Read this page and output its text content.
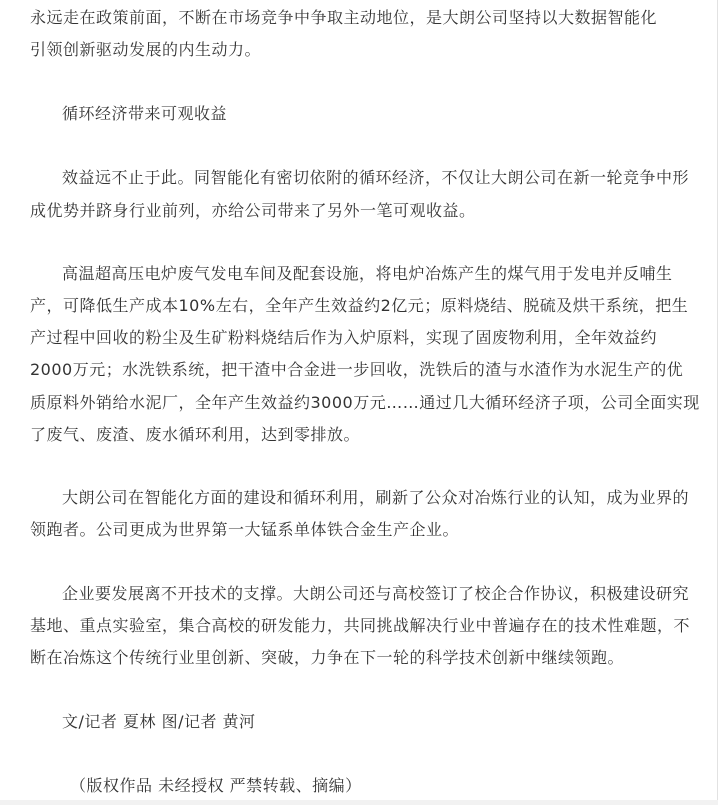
永远走在政策前面，不断在市场竞争中争取主动地位，是大朗公司坚持以大数据智能化
引领创新驱动发展的内生动力。
循环经济带来可观收益
效益远不止于此。同智能化有密切依附的循环经济，不仅让大朗公司在新一轮竞争中形
成优势并跻身行业前列，亦给公司带来了另外一笔可观收益。
高温超高压电炉废气发电车间及配套设施，将电炉冶炼产生的煤气用于发电并反哺生
产，可降低生产成本10%左右，全年产生效益约2亿元；原料烧结、脱硫及烘干系统，把生
产过程中回收的粉尘及生矿粉料烧结后作为入炉原料，实现了固废物利用，全年效益约
2000万元；水洗铁系统，把干渣中合金进一步回收，洗铁后的渣与水渣作为水泥生产的优
质原料外销给水泥厂，全年产生效益约3000万元……通过几大循环经济子项，公司全面实现
了废气、废渣、废水循环利用，达到零排放。
大朗公司在智能化方面的建设和循环利用，刷新了公众对冶炼行业的认知，成为业界的
领跑者。公司更成为世界第一大锰系单体铁合金生产企业。
企业要发展离不开技术的支撑。大朗公司还与高校签订了校企合作协议，积极建设研究
基地、重点实验室，集合高校的研发能力，共同挑战解决行业中普遍存在的技术性难题，不
断在冶炼这个传统行业里创新、突破，力争在下一轮的科学技术创新中继续领跑。
文/记者 夏林 图/记者 黄河
（版权作品 未经授权 严禁转载、摘编）
